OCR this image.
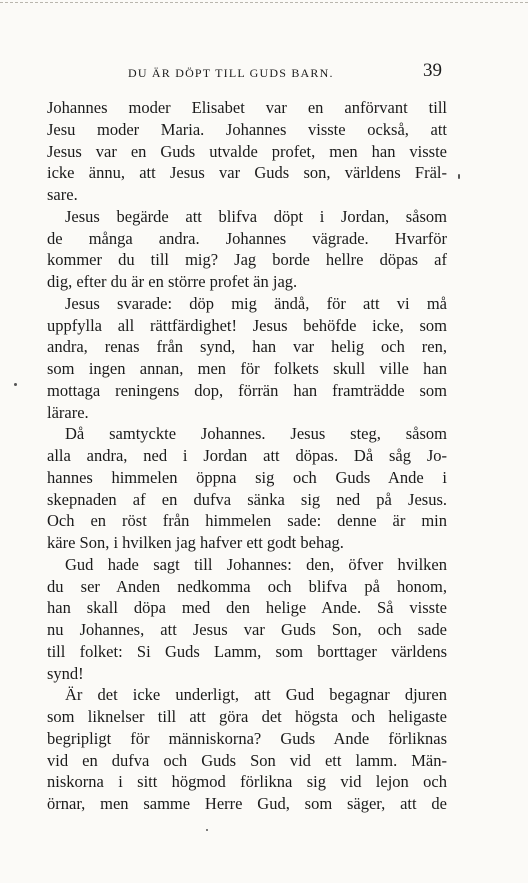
DU ÄR DÖPT TILL GUDS BARN.	39
Johannes moder Elisabet var en anförvant till
Jesu moder Maria. Johannes visste också, att
Jesus var en Guds utvalde profet, men han visste
icke ännu, att Jesus var Guds son, världens Fräl-
sare.
Jesus begärde att blifva döpt i Jordan, såsom
de många andra. Johannes vägrade. Hvarför
kommer du till mig? Jag borde hellre döpas af
dig, efter du är en större profet än jag.
Jesus svarade: döp mig ändå, för att vi må
uppfylla all rättfärdighet! Jesus behöfde icke, som
andra, renas från synd, han var helig och ren,
som ingen annan, men för folkets skull ville han
mottaga reningens dop, förrän han framträdde som
lärare.
Då samtyckte Johannes. Jesus steg, såsom
alla andra, ned i Jordan att döpas. Då såg Jo-
hannes himmelen öppna sig och Guds Ande i
skepnaden af en dufva sänka sig ned på Jesus.
Och en röst från himmelen sade: denne är min
käre Son, i hvilken jag hafver ett godt behag.
Gud hade sagt till Johannes: den, öfver hvilken
du ser Anden nedkomma och blifva på honom,
han skall döpa med den helige Ande. Så visste
nu Johannes, att Jesus var Guds Son, och sade
till folket: Si Guds Lamm, som borttager världens
synd!
Är det icke underligt, att Gud begagnar djuren
som liknelser till att göra det högsta och heligaste
begripligt för människorna? Guds Ande förliknas
vid en dufva och Guds Son vid ett lamm. Män-
niskorna i sitt högmod förlikna sig vid lejon och
örnar, men samme Herre Gud, som säger, att de
